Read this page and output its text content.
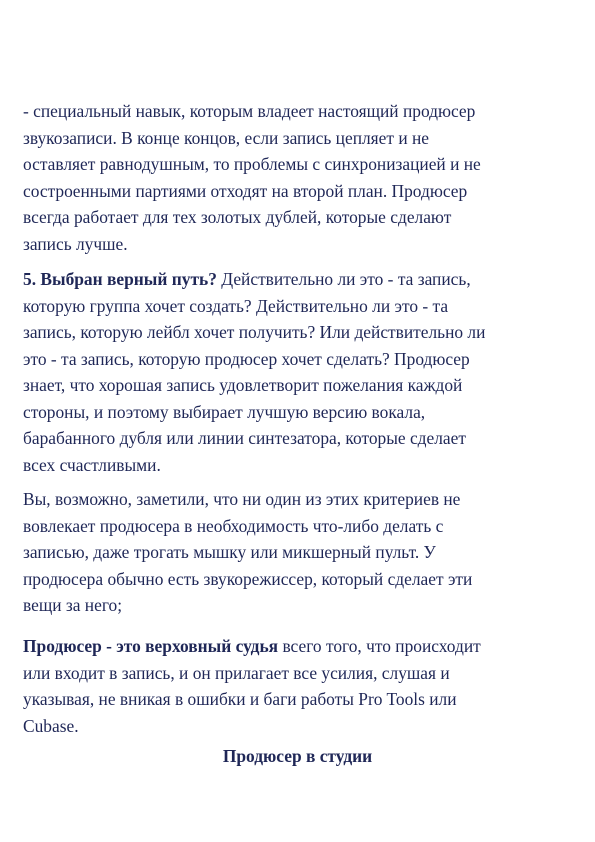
- специальный навык, которым владеет настоящий продюсер
звукозаписи. В конце концов, если запись цепляет и не
оставляет равнодушным, то проблемы с синхронизацией и не
сострoенными партиями отходят на второй план. Продюсер
всегда работает для тех золотых дублей, которые сделают
запись лучше.

5. Выбран верный путь? Действительно ли это - та запись,
которую группа хочет создать? Действительно ли это - та
запись, которую лейбл хочет получить? Или действительно ли
это - та запись, которую продюсер хочет сделать? Продюсер
знает, что хорошая запись удовлетворит пожелания каждой
стороны, и поэтому выбирает лучшую версию вокала,
барабанного дубля или линии синтезатора, которые сделает
всех счастливыми.

Вы, возможно, заметили, что ни один из этих критериев не
вовлекает продюсера в необходимость что-либо делать с
записью, даже трогать мышку или микшерный пульт. У
продюсера обычно есть звукорежиссер, который сделает эти
вещи за него;

Продюсер - это верховный судья всего того, что происходит
или входит в запись, и он прилагает все усилия, слушая и
указывая, не вникая в ошибки и баги работы Pro Tools или
Cubase.

Продюсер в студии
